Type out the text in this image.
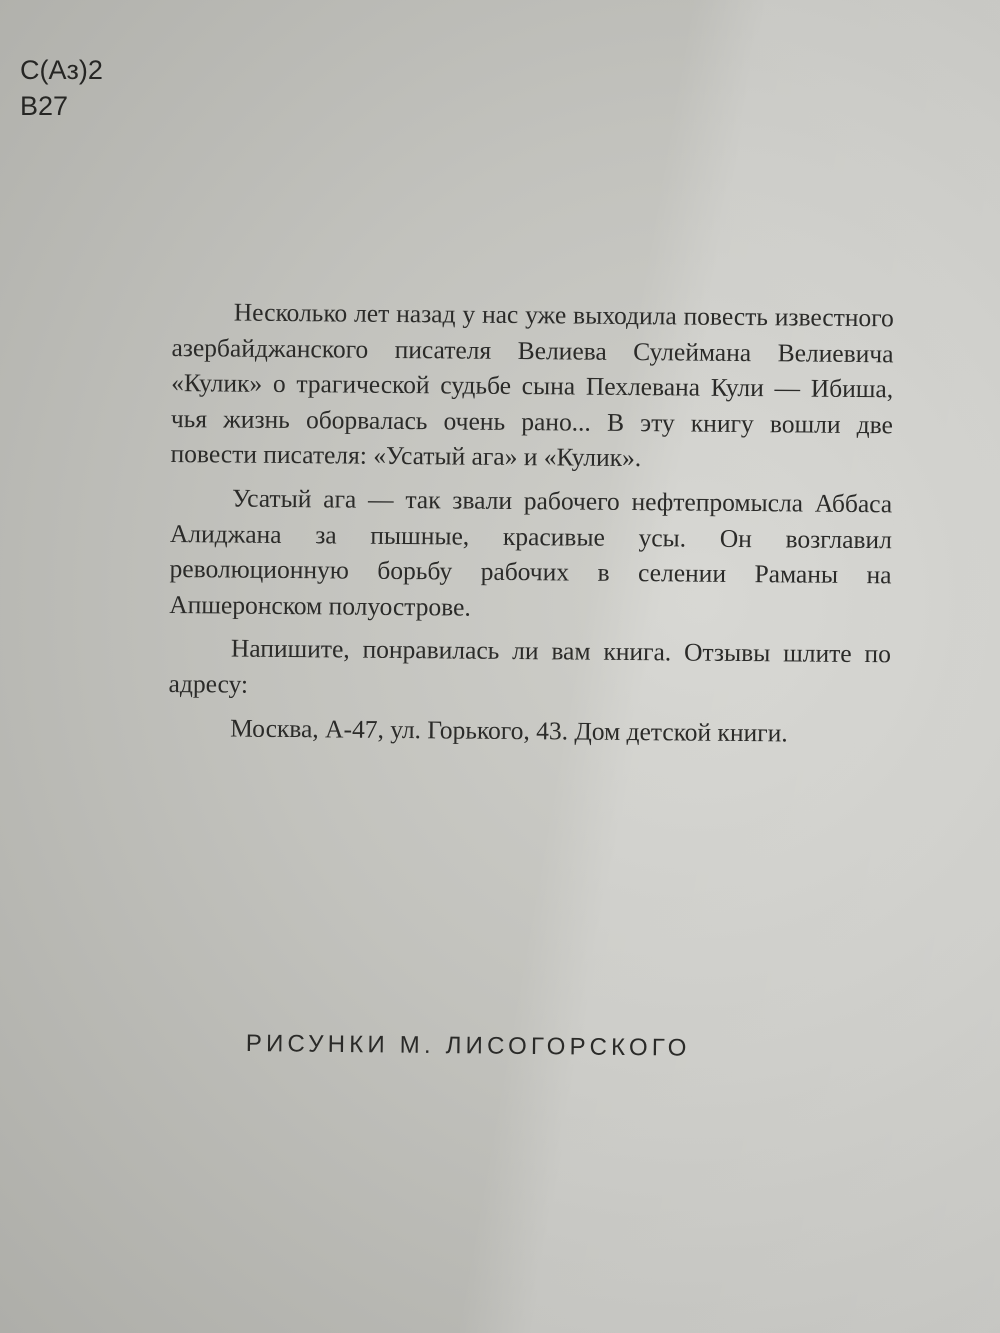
С(Аз)2
В27

Несколько лет назад у нас уже выходила повесть известного азербайджанского писателя Велиева Сулеймана Велиевича «Кулик» о трагической судьбе сына Пехлевана Кули — Ибиша, чья жизнь оборвалась очень рано... В эту книгу вошли две повести писателя: «Усатый ага» и «Кулик».

Усатый ага — так звали рабочего нефтепромысла Аббаса Алиджана за пышные, красивые усы. Он возглавил революционную борьбу рабочих в селении Раманы на Апшеронском полуострове.

Напишите, понравилась ли вам книга. Отзывы шлите по адресу:

Москва, А-47, ул. Горького, 43. Дом детской книги.

РИСУНКИ М. ЛИСОГОРСКОГО
